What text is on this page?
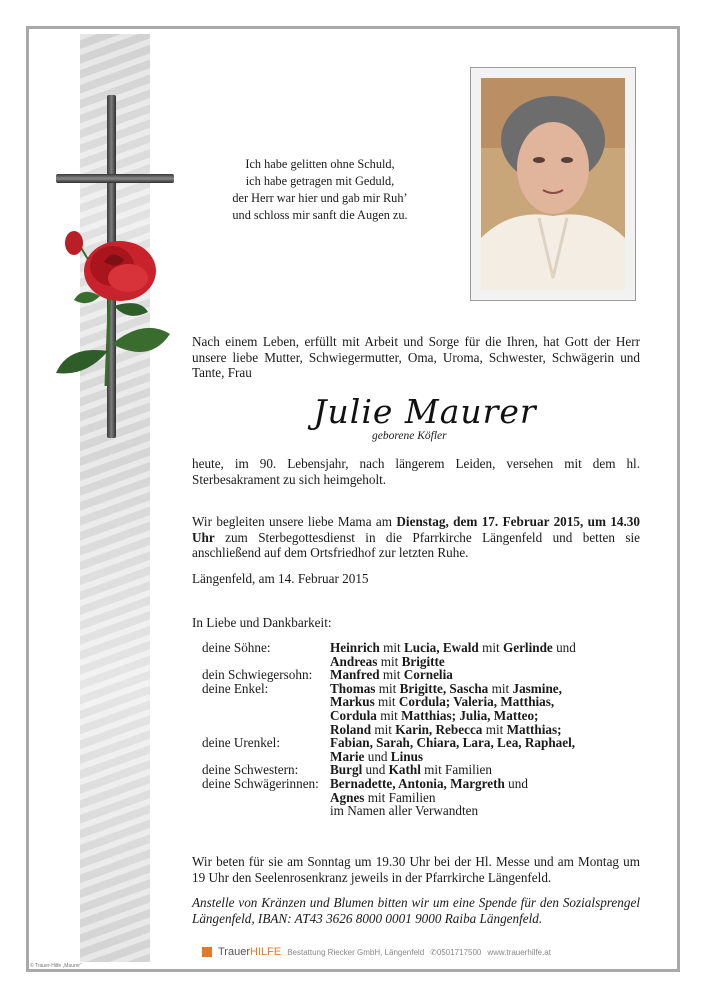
Ich habe gelitten ohne Schuld,
ich habe getragen mit Geduld,
der Herr war hier und gab mir Ruh’
und schloss mir sanft die Augen zu.
Nach einem Leben, erfüllt mit Arbeit und Sorge für die Ihren, hat Gott der Herr unsere liebe Mutter, Schwiegermutter, Oma, Uroma, Schwester, Schwägerin und Tante, Frau
Julie Maurer
geborene Köfler
heute, im 90. Lebensjahr, nach längerem Leiden, versehen mit dem hl. Sterbesakrament zu sich heimgeholt.
Wir begleiten unsere liebe Mama am Dienstag, dem 17. Februar 2015, um 14.30 Uhr zum Sterbegottesdienst in die Pfarrkirche Längenfeld und betten sie anschließend auf dem Ortsfriedhof zur letzten Ruhe.
Längenfeld, am 14. Februar 2015
In Liebe und Dankbarkeit:
deine Söhne:	Heinrich mit Lucia, Ewald mit Gerlinde und
Andreas mit Brigitte
dein Schwiegersohn:	Manfred mit Cornelia
deine Enkel:	Thomas mit Brigitte, Sascha mit Jasmine,
Markus mit Cordula; Valeria, Matthias,
Cordula mit Matthias; Julia, Matteo;
Roland mit Karin, Rebecca mit Matthias;
deine Urenkel:	Fabian, Sarah, Chiara, Lara, Lea, Raphael,
Marie und Linus
deine Schwestern:	Burgl und Kathl mit Familien
deine Schwägerinnen: Bernadette, Antonia, Margreth und
Agnes mit Familien
im Namen aller Verwandten
Wir beten für sie am Sonntag um 19.30 Uhr bei der Hl. Messe und am Montag um 19 Uhr den Seelenrosenkranz jeweils in der Pfarrkirche Längenfeld.
Anstelle von Kränzen und Blumen bitten wir um eine Spende für den Sozialsprengel Längenfeld, IBAN: AT43 3626 8000 0001 9000 Raiba Längenfeld.
TrauerHILFE Bestattung Riecker GmbH, Längenfeld ✆0501717500 www.trauerhilfe.at
© Trauer-Hilfe „Maurer“
